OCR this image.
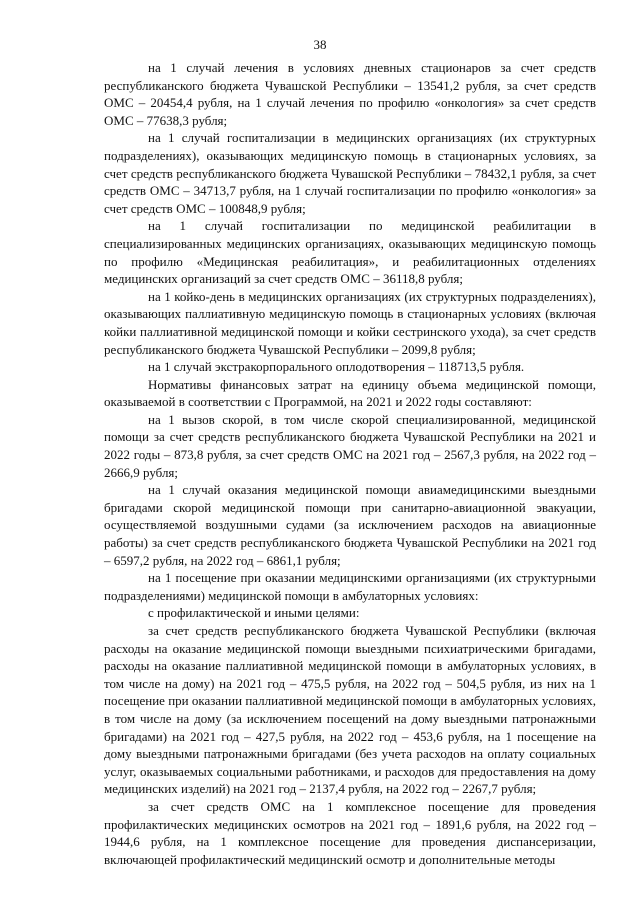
38

на 1 случай лечения в условиях дневных стационаров за счет средств республиканского бюджета Чувашской Республики – 13541,2 рубля, за счет средств ОМС – 20454,4 рубля, на 1 случай лечения по профилю «онкология» за счет средств ОМС – 77638,3 рубля;

на 1 случай госпитализации в медицинских организациях (их структурных подразделениях), оказывающих медицинскую помощь в стационарных условиях, за счет средств республиканского бюджета Чувашской Республики – 78432,1 рубля, за счет средств ОМС – 34713,7 рубля, на 1 случай госпитализации по профилю «онкология» за счет средств ОМС – 100848,9 рубля;

на 1 случай госпитализации по медицинской реабилитации в специализированных медицинских организациях, оказывающих медицинскую помощь по профилю «Медицинская реабилитация», и реабилитационных отделениях медицинских организаций за счет средств ОМС – 36118,8 рубля;

на 1 койко-день в медицинских организациях (их структурных подразделениях), оказывающих паллиативную медицинскую помощь в стационарных условиях (включая койки паллиативной медицинской помощи и койки сестринского ухода), за счет средств республиканского бюджета Чувашской Республики – 2099,8 рубля;

на 1 случай экстракорпорального оплодотворения – 118713,5 рубля.

Нормативы финансовых затрат на единицу объема медицинской помощи, оказываемой в соответствии с Программой, на 2021 и 2022 годы составляют:

на 1 вызов скорой, в том числе скорой специализированной, медицинской помощи за счет средств республиканского бюджета Чувашской Республики на 2021 и 2022 годы – 873,8 рубля, за счет средств ОМС на 2021 год – 2567,3 рубля, на 2022 год – 2666,9 рубля;

на 1 случай оказания медицинской помощи авиамедицинскими выездными бригадами скорой медицинской помощи при санитарно-авиационной эвакуации, осуществляемой воздушными судами (за исключением расходов на авиационные работы) за счет средств республиканского бюджета Чувашской Республики на 2021 год – 6597,2 рубля, на 2022 год – 6861,1 рубля;

на 1 посещение при оказании медицинскими организациями (их структурными подразделениями) медицинской помощи в амбулаторных условиях:

с профилактической и иными целями:

за счет средств республиканского бюджета Чувашской Республики (включая расходы на оказание медицинской помощи выездными психиатрическими бригадами, расходы на оказание паллиативной медицинской помощи в амбулаторных условиях, в том числе на дому) на 2021 год – 475,5 рубля, на 2022 год – 504,5 рубля, из них на 1 посещение при оказании паллиативной медицинской помощи в амбулаторных условиях, в том числе на дому (за исключением посещений на дому выездными патронажными бригадами) на 2021 год – 427,5 рубля, на 2022 год – 453,6 рубля, на 1 посещение на дому выездными патронажными бригадами (без учета расходов на оплату социальных услуг, оказываемых социальными работниками, и расходов для предоставления на дому медицинских изделий) на 2021 год – 2137,4 рубля, на 2022 год – 2267,7 рубля;

за счет средств ОМС на 1 комплексное посещение для проведения профилактических медицинских осмотров на 2021 год – 1891,6 рубля, на 2022 год – 1944,6 рубля, на 1 комплексное посещение для проведения диспансеризации, включающей профилактический медицинский осмотр и дополнительные методы
